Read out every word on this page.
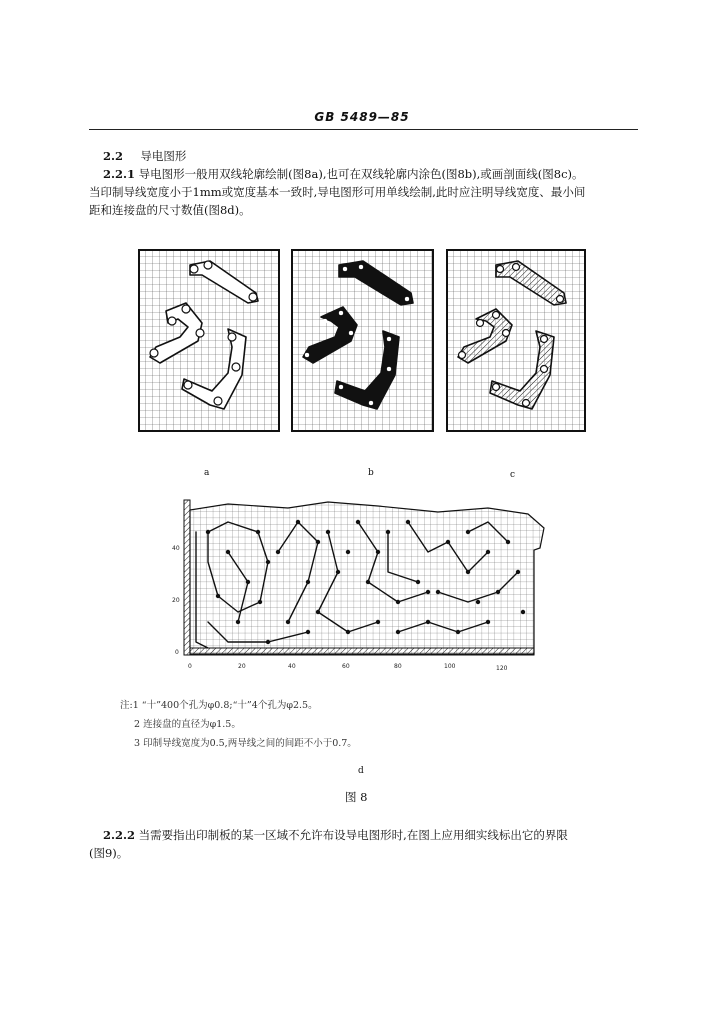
GB 5489—85
2.2 导电图形
2.2.1 导电图形一般用双线轮廓绘制(图8a),也可在双线轮廓内涂色(图8b),或画剖面线(图8c)。
当印制导线宽度小于1mm或宽度基本一致时,导电图形可用单线绘制,此时应注明导线宽度、最小间
距和连接盘的尺寸数值(图8d)。
a	b	c
40
20
0
0	20	40	60	80	100	120
注:1 “十”400个孔为φ0.8;“十”4个孔为φ2.5。
2 连接盘的直径为φ1.5。
3 印制导线宽度为0.5,两导线之间的间距不小于0.7。
d
图 8
2.2.2 当需要指出印制板的某一区域不允许布设导电图形时,在图上应用细实线标出它的界限
(图9)。
